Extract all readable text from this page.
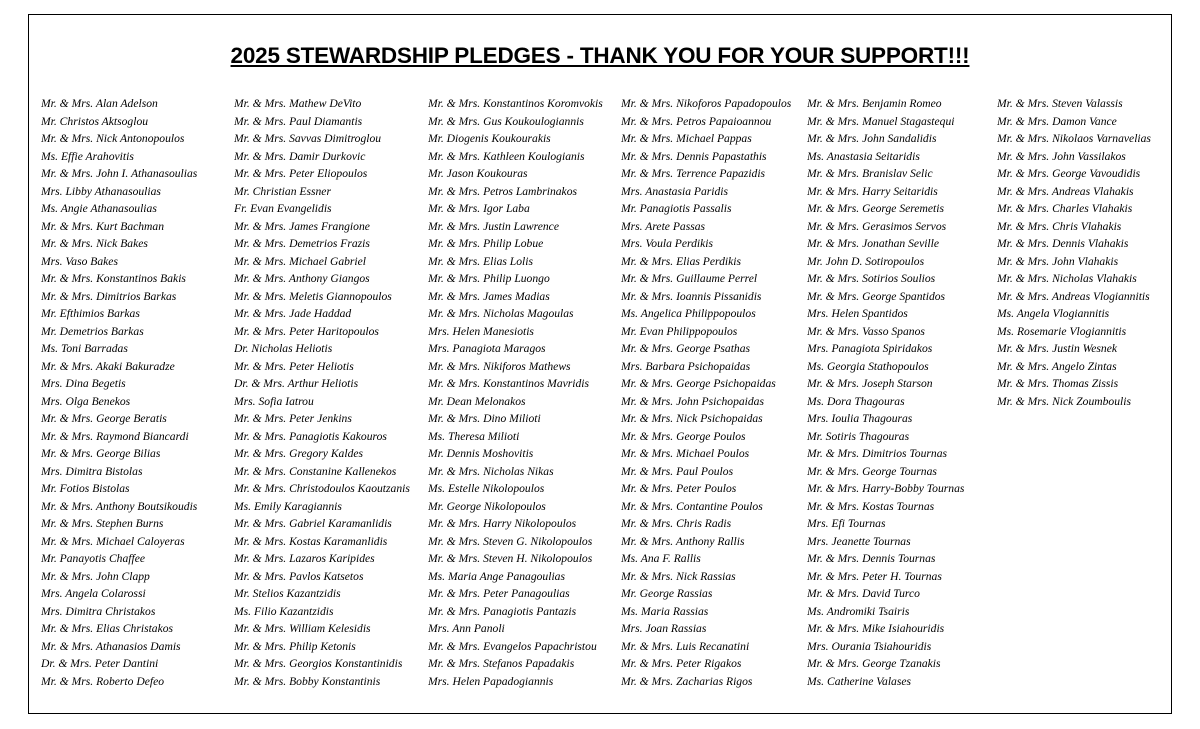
2025 STEWARDSHIP PLEDGES - THANK YOU FOR YOUR SUPPORT!!!
Mr. & Mrs. Alan Adelson
Mr. Christos Aktsoglou
Mr. & Mrs. Nick Antonopoulos
Ms. Effie Arahovitis
Mr. & Mrs. John I. Athanasoulias
Mrs. Libby Athanasoulias
Ms. Angie Athanasoulias
Mr. & Mrs. Kurt Bachman
Mr. & Mrs. Nick Bakes
Mrs. Vaso Bakes
Mr. & Mrs. Konstantinos Bakis
Mr. & Mrs. Dimitrios Barkas
Mr. Efthimios Barkas
Mr. Demetrios Barkas
Ms. Toni Barradas
Mr. & Mrs. Akaki Bakuradze
Mrs. Dina Begetis
Mrs. Olga Benekos
Mr. & Mrs. George Beratis
Mr. & Mrs. Raymond Biancardi
Mr. & Mrs. George Bilias
Mrs. Dimitra Bistolas
Mr. Fotios Bistolas
Mr. & Mrs. Anthony Boutsikoudis
Mr. & Mrs. Stephen Burns
Mr. & Mrs. Michael Caloyeras
Mr. Panayotis Chaffee
Mr. & Mrs. John Clapp
Mrs. Angela Colarossi
Mrs. Dimitra Christakos
Mr. & Mrs. Elias Christakos
Mr. & Mrs. Athanasios Damis
Dr. & Mrs. Peter Dantini
Mr. & Mrs. Roberto Defeo
Mr. & Mrs. Mathew DeVito
Mr. & Mrs. Paul Diamantis
Mr. & Mrs. Savvas Dimitroglou
Mr. & Mrs. Damir Durkovic
Mr. & Mrs. Peter Eliopoulos
Mr. Christian Essner
Fr. Evan Evangelidis
Mr. & Mrs. James Frangione
Mr. & Mrs. Demetrios Frazis
Mr. & Mrs. Michael Gabriel
Mr. & Mrs. Anthony Giangos
Mr. & Mrs. Meletis Giannopoulos
Mr. & Mrs. Jade Haddad
Mr. & Mrs. Peter Haritopoulos
Dr. Nicholas Heliotis
Mr. & Mrs. Peter Heliotis
Dr. & Mrs. Arthur Heliotis
Mrs. Sofia Iatrou
Mr. & Mrs. Peter Jenkins
Mr. & Mrs. Panagiotis Kakouros
Mr. & Mrs. Gregory Kaldes
Mr. & Mrs. Constanine Kallenekos
Mr. & Mrs. Christodoulos Kaoutzanis
Ms. Emily Karagiannis
Mr. & Mrs. Gabriel Karamanlidis
Mr. & Mrs. Kostas Karamanlidis
Mr. & Mrs. Lazaros Karipides
Mr. & Mrs. Pavlos Katsetos
Mr. Stelios Kazantzidis
Ms. Filio Kazantzidis
Mr. & Mrs. William Kelesidis
Mr. & Mrs. Philip Ketonis
Mr. & Mrs. Georgios Konstantinidis
Mr. & Mrs. Bobby Konstantinis
Mr. & Mrs. Konstantinos Koromvokis
Mr. & Mrs. Gus Koukoulogiannis
Mr. Diogenis Koukourakis
Mr. & Mrs. Kathleen Koulogianis
Mr. Jason Koukouras
Mr. & Mrs. Petros Lambrinakos
Mr. & Mrs. Igor Laba
Mr. & Mrs. Justin Lawrence
Mr. & Mrs. Philip Lobue
Mr. & Mrs. Elias Lolis
Mr. & Mrs. Philip Luongo
Mr. & Mrs. James Madias
Mr. & Mrs. Nicholas Magoulas
Mrs. Helen Manesiotis
Mrs. Panagiota Maragos
Mr. & Mrs. Nikiforos Mathews
Mr. & Mrs. Konstantinos Mavridis
Mr. Dean Melonakos
Mr. & Mrs. Dino Milioti
Ms. Theresa Milioti
Mr. Dennis Moshovitis
Mr. & Mrs. Nicholas Nikas
Ms. Estelle Nikolopoulos
Mr. George Nikolopoulos
Mr. & Mrs. Harry Nikolopoulos
Mr. & Mrs. Steven G. Nikolopoulos
Mr. & Mrs. Steven H. Nikolopoulos
Ms. Maria Ange Panagoulias
Mr. & Mrs. Peter Panagoulias
Mr. & Mrs. Panagiotis Pantazis
Mrs. Ann Panoli
Mr. & Mrs. Evangelos Papachristou
Mr. & Mrs. Stefanos Papadakis
Mrs. Helen Papadogiannis
Mr. & Mrs. Nikoforos Papadopoulos
Mr. & Mrs. Petros Papaioannou
Mr. & Mrs. Michael Pappas
Mr. & Mrs. Dennis Papastathis
Mr. & Mrs. Terrence Papazidis
Mrs. Anastasia Paridis
Mr. Panagiotis Passalis
Mrs. Arete Passas
Mrs. Voula Perdikis
Mr. & Mrs. Elias Perdikis
Mr. & Mrs. Guillaume Perrel
Mr. & Mrs. Ioannis Pissanidis
Ms. Angelica Philippopoulos
Mr. Evan Philippopoulos
Mr. & Mrs. George Psathas
Mrs. Barbara Psichopaidas
Mr. & Mrs. George Psichopaidas
Mr. & Mrs. John Psichopaidas
Mr. & Mrs. Nick Psichopaidas
Mr. & Mrs. George Poulos
Mr. & Mrs. Michael Poulos
Mr. & Mrs. Paul Poulos
Mr. & Mrs. Peter Poulos
Mr. & Mrs. Contantine Poulos
Mr. & Mrs. Chris Radis
Mr. & Mrs. Anthony Rallis
Ms. Ana F. Rallis
Mr. & Mrs. Nick Rassias
Mr. George Rassias
Ms. Maria Rassias
Mrs. Joan Rassias
Mr. & Mrs. Luis Recanatini
Mr. & Mrs. Peter Rigakos
Mr. & Mrs. Zacharias Rigos
Mr. & Mrs. Benjamin Romeo
Mr. & Mrs. Manuel Stagastequi
Mr. & Mrs. John Sandalidis
Ms. Anastasia Seitaridis
Mr. & Mrs. Branislav Selic
Mr. & Mrs. Harry Seitaridis
Mr. & Mrs. George Seremetis
Mr. & Mrs. Gerasimos Servos
Mr. & Mrs. Jonathan Seville
Mr. John D. Sotiropoulos
Mr. & Mrs. Sotirios Soulios
Mr. & Mrs. George Spantidos
Mrs. Helen Spantidos
Mr. & Mrs. Vasso Spanos
Mrs. Panagiota Spiridakos
Ms. Georgia Stathopoulos
Mr. & Mrs. Joseph Starson
Ms. Dora Thagouras
Mrs. Ioulia Thagouras
Mr. Sotiris Thagouras
Mr. & Mrs. Dimitrios Tournas
Mr. & Mrs. George Tournas
Mr. & Mrs. Harry-Bobby Tournas
Mr. & Mrs. Kostas Tournas
Mrs. Efi Tournas
Mrs. Jeanette Tournas
Mr. & Mrs. Dennis Tournas
Mr. & Mrs. Peter H. Tournas
Mr. & Mrs. David Turco
Ms. Andromiki Tsairis
Mr. & Mrs. Mike Isiahouridis
Mrs. Ourania Tsiahouridis
Mr. & Mrs. George Tzanakis
Ms. Catherine Valases
Mr. & Mrs. Steven Valassis
Mr. & Mrs. Damon Vance
Mr. & Mrs. Nikolaos Varnavelias
Mr. & Mrs. John Vassilakos
Mr. & Mrs. George Vavoudidis
Mr. & Mrs. Andreas Vlahakis
Mr. & Mrs. Charles Vlahakis
Mr. & Mrs. Chris Vlahakis
Mr. & Mrs. Dennis Vlahakis
Mr. & Mrs. John Vlahakis
Mr. & Mrs. Nicholas Vlahakis
Mr. & Mrs. Andreas Vlogiannitis
Ms. Angela Vlogiannitis
Ms. Rosemarie Vlogiannitis
Mr. & Mrs. Justin Wesnek
Mr. & Mrs. Angelo Zintas
Mr. & Mrs. Thomas Zissis
Mr. & Mrs. Nick Zoumboulis
